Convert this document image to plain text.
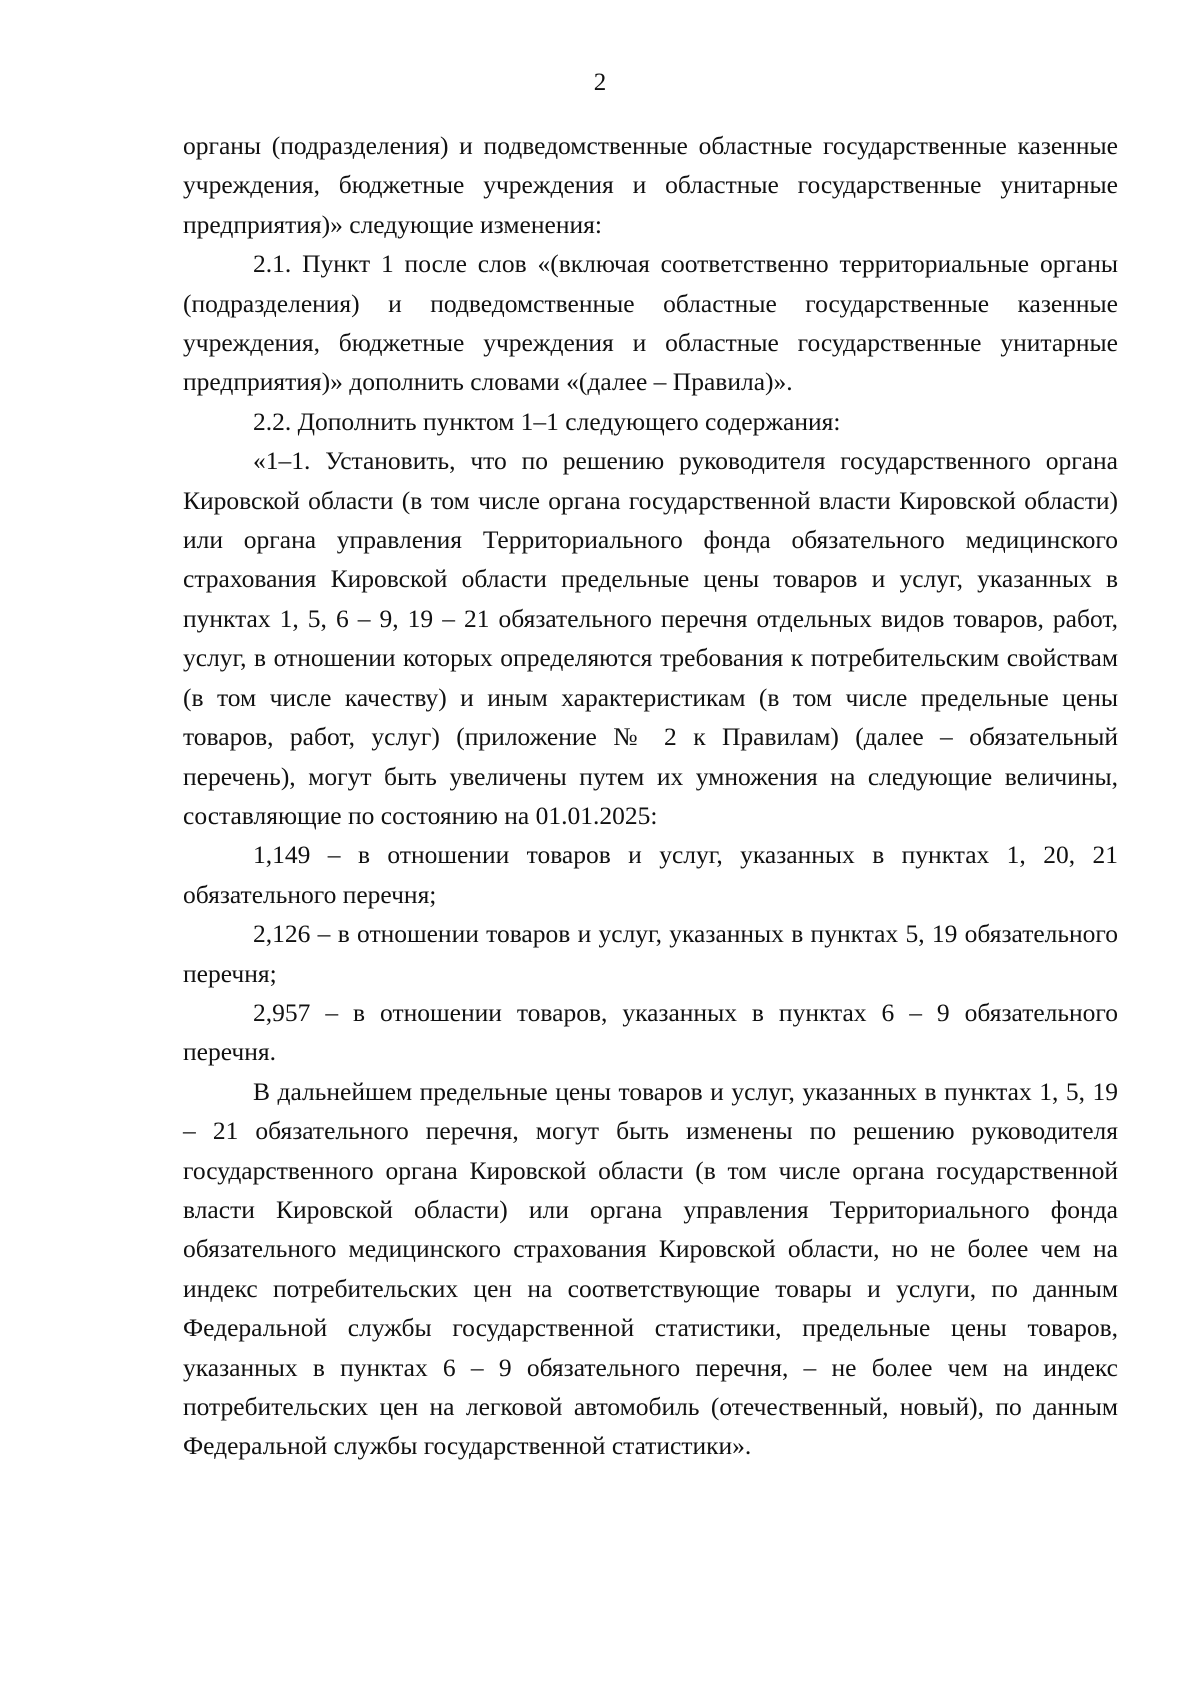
2

органы (подразделения) и подведомственные областные государственные казенные учреждения, бюджетные учреждения и областные государственные унитарные предприятия)» следующие изменения:

2.1. Пункт 1 после слов «(включая соответственно территориальные органы (подразделения) и подведомственные областные государственные казенные учреждения, бюджетные учреждения и областные государственные унитарные предприятия)» дополнить словами «(далее – Правила)».

2.2. Дополнить пунктом 1–1 следующего содержания:

«1–1. Установить, что по решению руководителя государственного органа Кировской области (в том числе органа государственной власти Кировской области) или органа управления Территориального фонда обязательного медицинского страхования Кировской области предельные цены товаров и услуг, указанных в пунктах 1, 5, 6 – 9, 19 – 21 обязательного перечня отдельных видов товаров, работ, услуг, в отношении которых определяются требования к потребительским свойствам (в том числе качеству) и иным характеристикам (в том числе предельные цены товаров, работ, услуг) (приложение № 2 к Правилам) (далее – обязательный перечень), могут быть увеличены путем их умножения на следующие величины, составляющие по состоянию на 01.01.2025:

1,149 – в отношении товаров и услуг, указанных в пунктах 1, 20, 21 обязательного перечня;

2,126 – в отношении товаров и услуг, указанных в пунктах 5, 19 обязательного перечня;

2,957 – в отношении товаров, указанных в пунктах 6 – 9 обязательного перечня.

В дальнейшем предельные цены товаров и услуг, указанных в пунктах 1, 5, 19 – 21 обязательного перечня, могут быть изменены по решению руководителя государственного органа Кировской области (в том числе органа государственной власти Кировской области) или органа управления Территориального фонда обязательного медицинского страхования Кировской области, но не более чем на индекс потребительских цен на соответствующие товары и услуги, по данным Федеральной службы государственной статистики, предельные цены товаров, указанных в пунктах 6 – 9 обязательного перечня, – не более чем на индекс потребительских цен на легковой автомобиль (отечественный, новый), по данным Федеральной службы государственной статистики».
